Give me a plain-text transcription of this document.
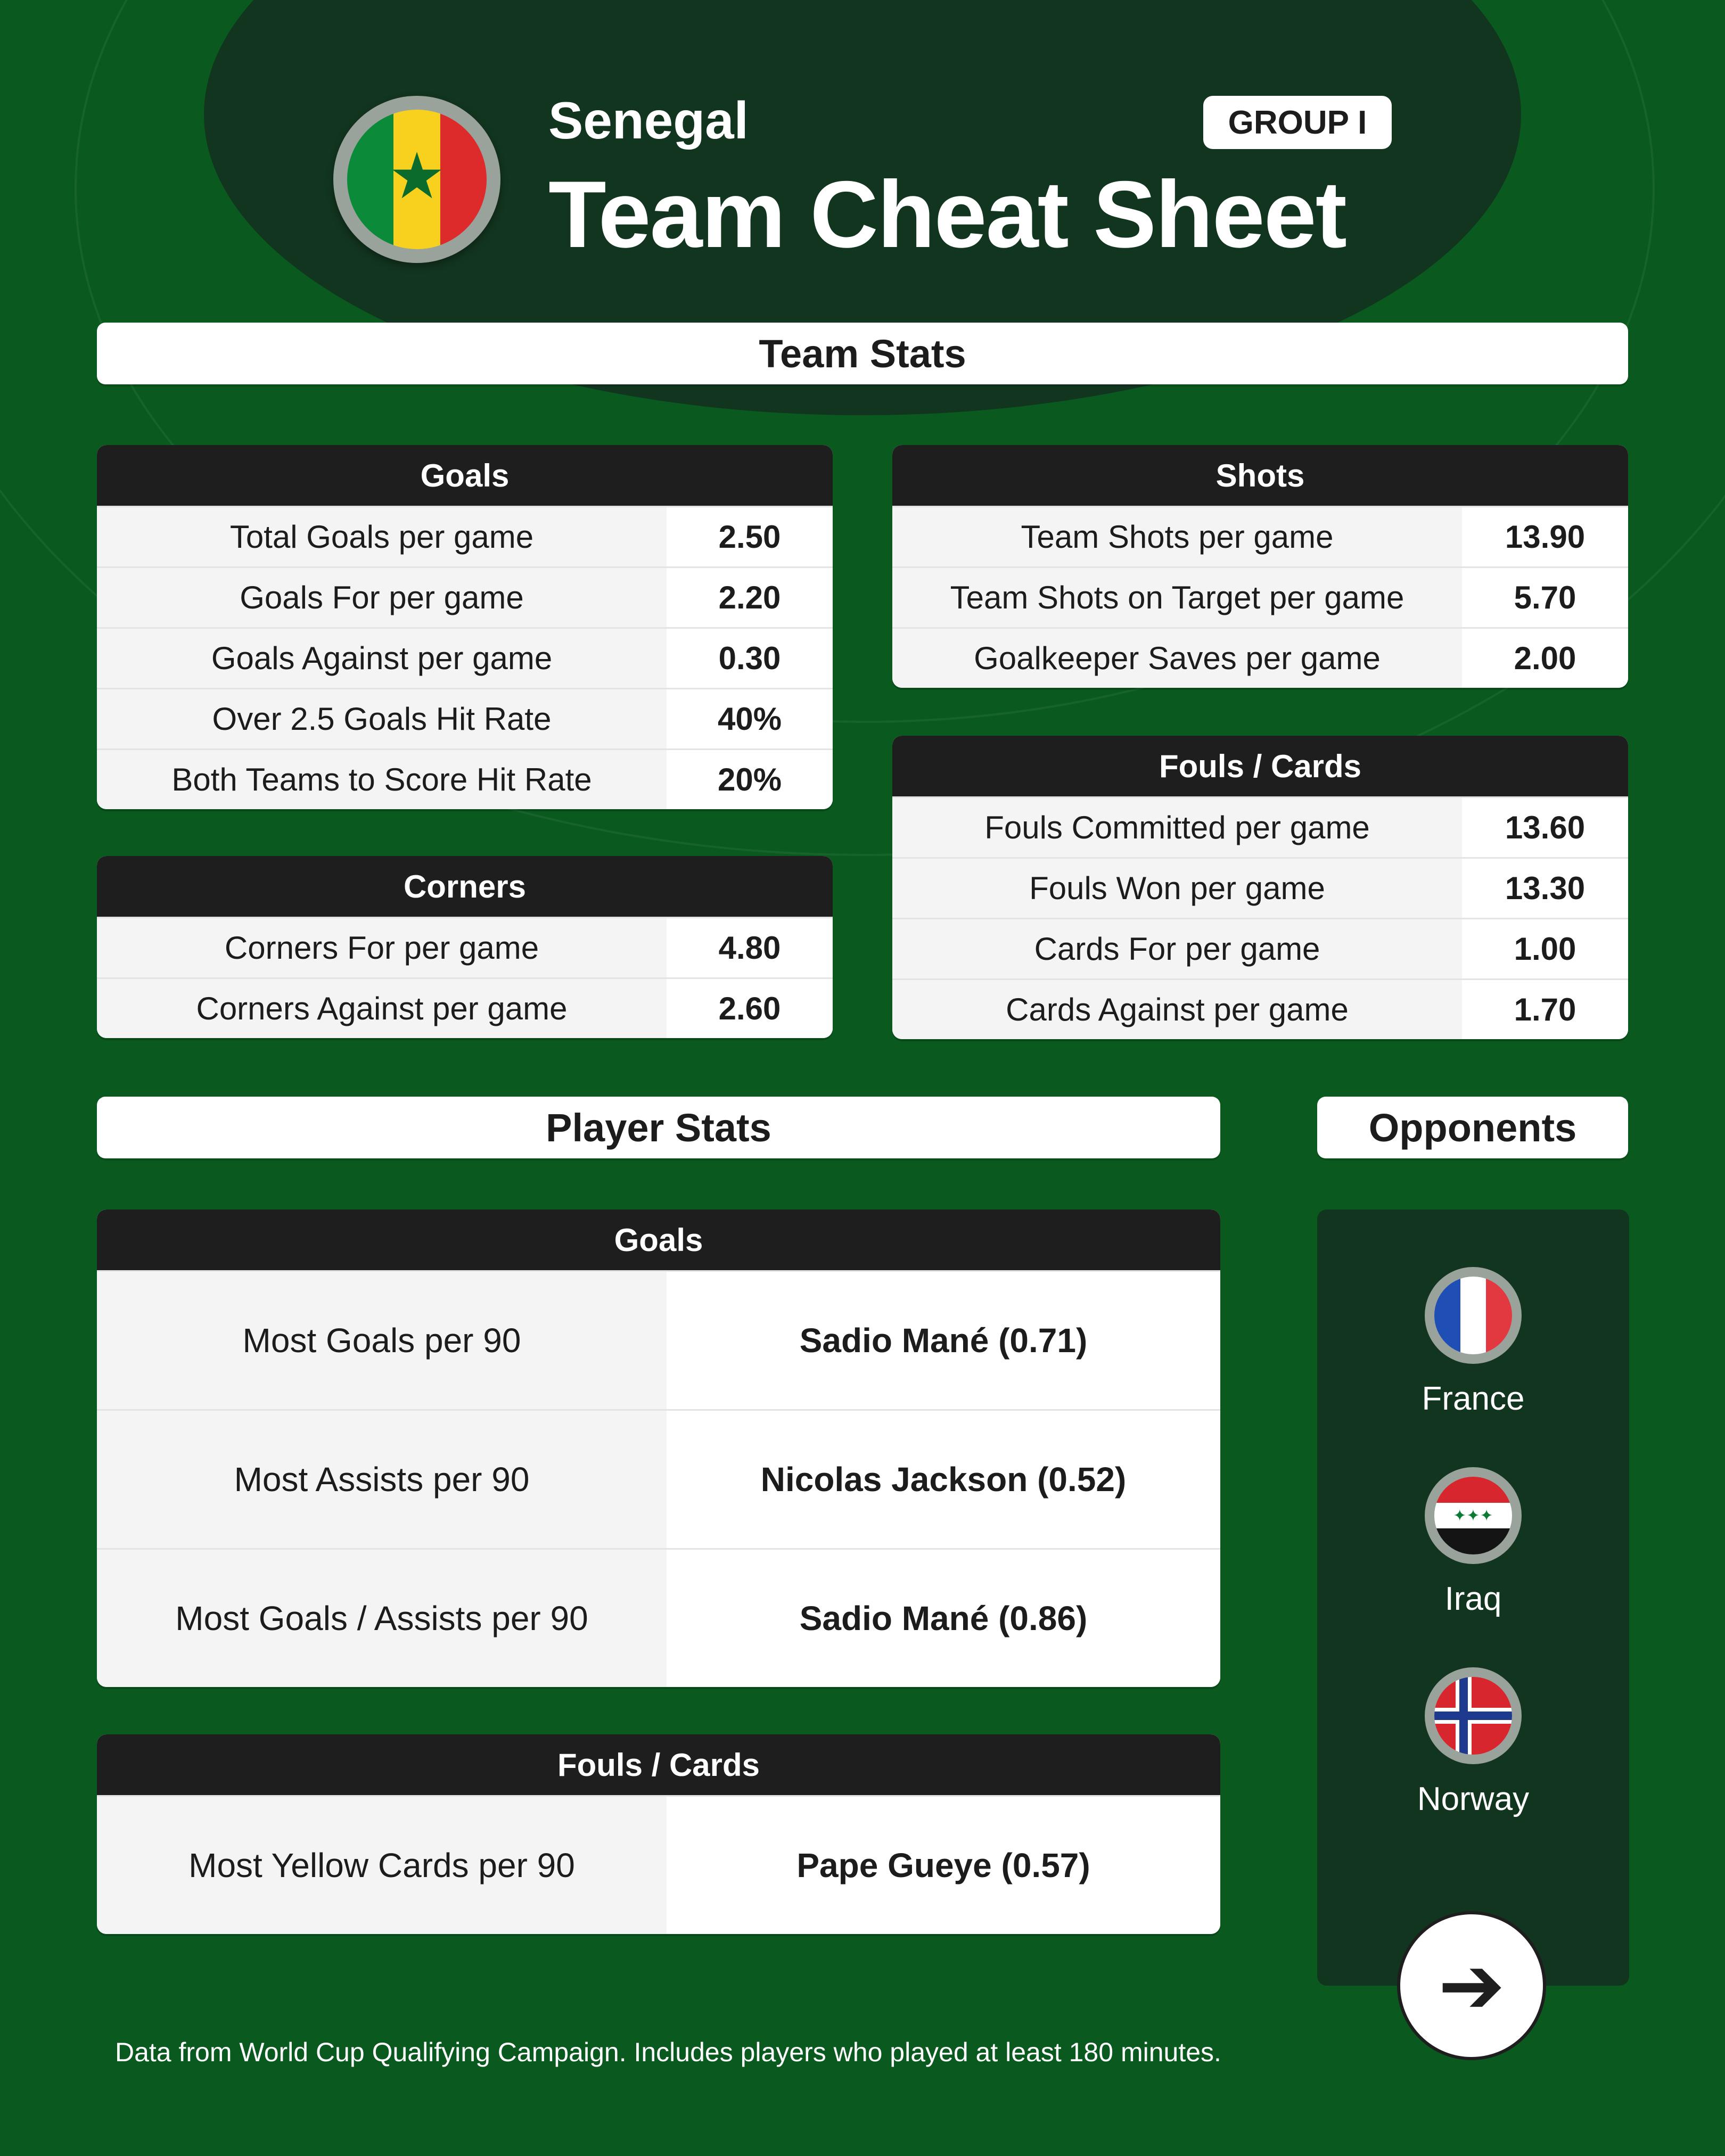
★
Senegal
Team Cheat Sheet
GROUP I
Team Stats
Goals
Total Goals per game	2.50
Goals For per game	2.20
Goals Against per game	0.30
Over 2.5 Goals Hit Rate	40%
Both Teams to Score Hit Rate	20%
Corners
Corners For per game	4.80
Corners Against per game	2.60
Shots
Team Shots per game	13.90
Team Shots on Target per game	5.70
Goalkeeper Saves per game	2.00
Fouls / Cards
Fouls Committed per game	13.60
Fouls Won per game	13.30
Cards For per game	1.00
Cards Against per game	1.70
Player Stats	Opponents
Goals
Most Goals per 90	Sadio Mané (0.71)
Most Assists per 90	Nicolas Jackson (0.52)
Most Goals / Assists per 90	Sadio Mané (0.86)
Fouls / Cards
Most Yellow Cards per 90	Pape Gueye (0.57)
France
✦✦✦
Iraq
Norway
➔
Data from World Cup Qualifying Campaign. Includes players who played at least 180 minutes.
